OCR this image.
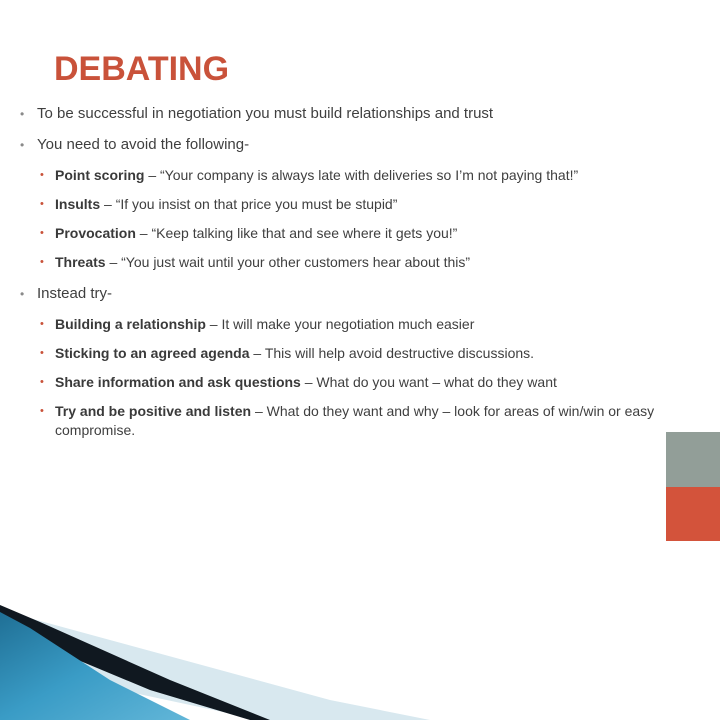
DEBATING
• To be successful in negotiation you must build relationships and trust
• You need to avoid the following-
• Point scoring – “Your company is always late with deliveries so I’m not paying that!”
• Insults – “If you insist on that price you must be stupid”
• Provocation – “Keep talking like that and see where it gets you!”
• Threats – “You just wait until your other customers hear about this”
• Instead try-
• Building a relationship – It will make your negotiation much easier
• Sticking to an agreed agenda – This will help avoid destructive discussions.
• Share information and ask questions – What do you want – what do they want
• Try and be positive and listen – What do they want and why – look for areas of win/win or easy compromise.
